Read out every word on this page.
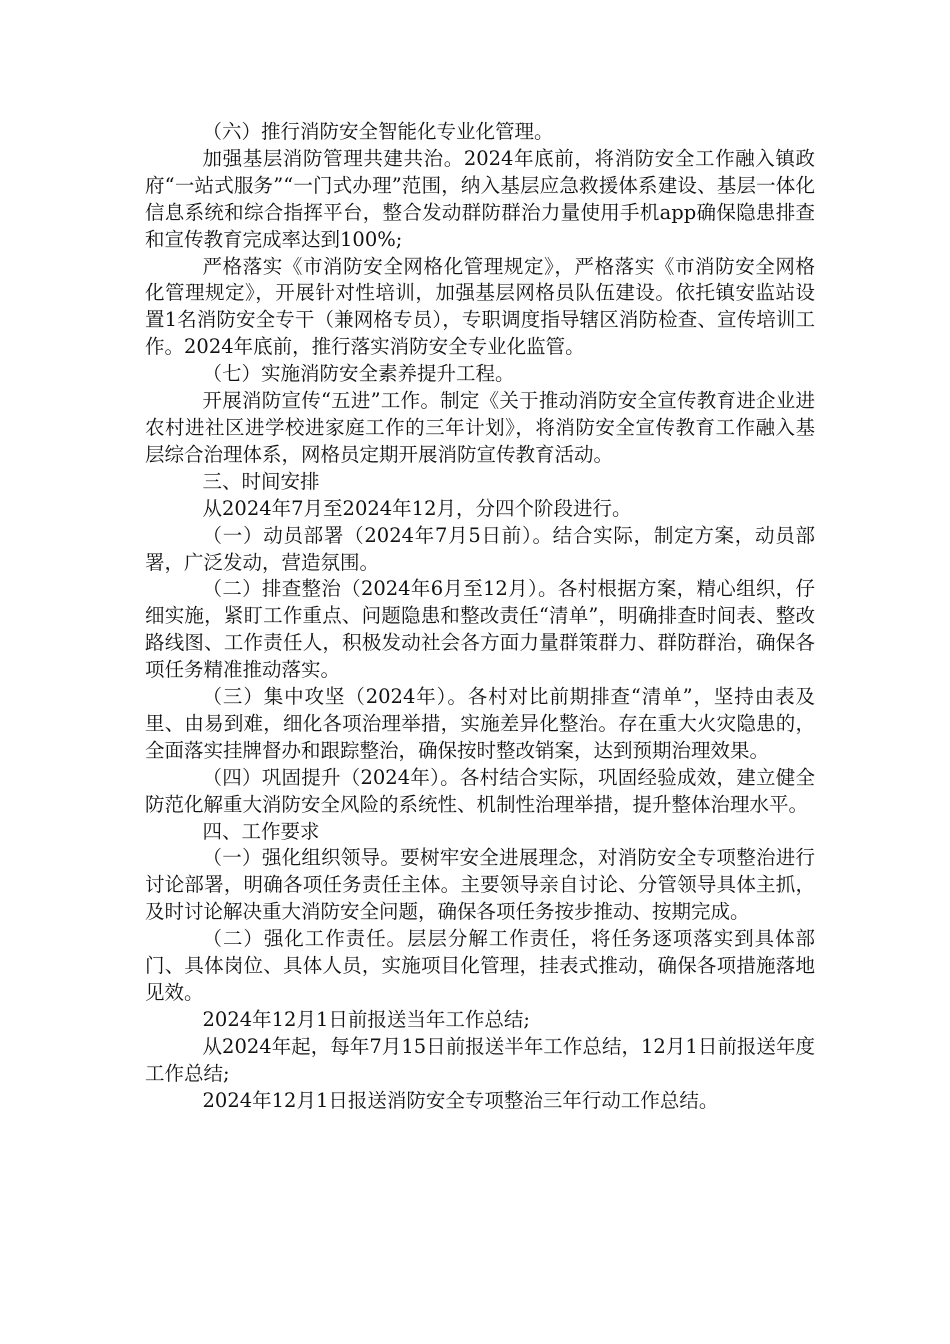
（六）推行消防安全智能化专业化管理。

加强基层消防管理共建共治。2024年底前，将消防安全工作融入镇政府“一站式服务”“一门式办理”范围，纳入基层应急救援体系建设、基层一体化信息系统和综合指挥平台，整合发动群防群治力量使用手机app确保隐患排查和宣传教育完成率达到100%;

严格落实《市消防安全网格化管理规定》，严格落实《市消防安全网格化管理规定》，开展针对性培训，加强基层网格员队伍建设。依托镇安监站设置1名消防安全专干（兼网格专员），专职调度指导辖区消防检查、宣传培训工作。2024年底前，推行落实消防安全专业化监管。

（七）实施消防安全素养提升工程。

开展消防宣传“五进”工作。制定《关于推动消防安全宣传教育进企业进农村进社区进学校进家庭工作的三年计划》，将消防安全宣传教育工作融入基层综合治理体系，网格员定期开展消防宣传教育活动。

三、时间安排

从2024年7月至2024年12月，分四个阶段进行。

（一）动员部署（2024年7月5日前）。结合实际，制定方案，动员部署，广泛发动，营造氛围。

（二）排查整治（2024年6月至12月）。各村根据方案，精心组织，仔细实施，紧盯工作重点、问题隐患和整改责任“清单”，明确排查时间表、整改路线图、工作责任人，积极发动社会各方面力量群策群力、群防群治，确保各项任务精准推动落实。

（三）集中攻坚（2024年）。各村对比前期排查“清单”，坚持由表及里、由易到难，细化各项治理举措，实施差异化整治。存在重大火灾隐患的，全面落实挂牌督办和跟踪整治，确保按时整改销案，达到预期治理效果。

（四）巩固提升（2024年）。各村结合实际，巩固经验成效，建立健全防范化解重大消防安全风险的系统性、机制性治理举措，提升整体治理水平。

四、工作要求

（一）强化组织领导。要树牢安全进展理念，对消防安全专项整治进行讨论部署，明确各项任务责任主体。主要领导亲自讨论、分管领导具体主抓，及时讨论解决重大消防安全问题，确保各项任务按步推动、按期完成。

（二）强化工作责任。层层分解工作责任，将任务逐项落实到具体部门、具体岗位、具体人员，实施项目化管理，挂表式推动，确保各项措施落地见效。

2024年12月1日前报送当年工作总结;

从2024年起，每年7月15日前报送半年工作总结，12月1日前报送年度工作总结;

2024年12月1日报送消防安全专项整治三年行动工作总结。
